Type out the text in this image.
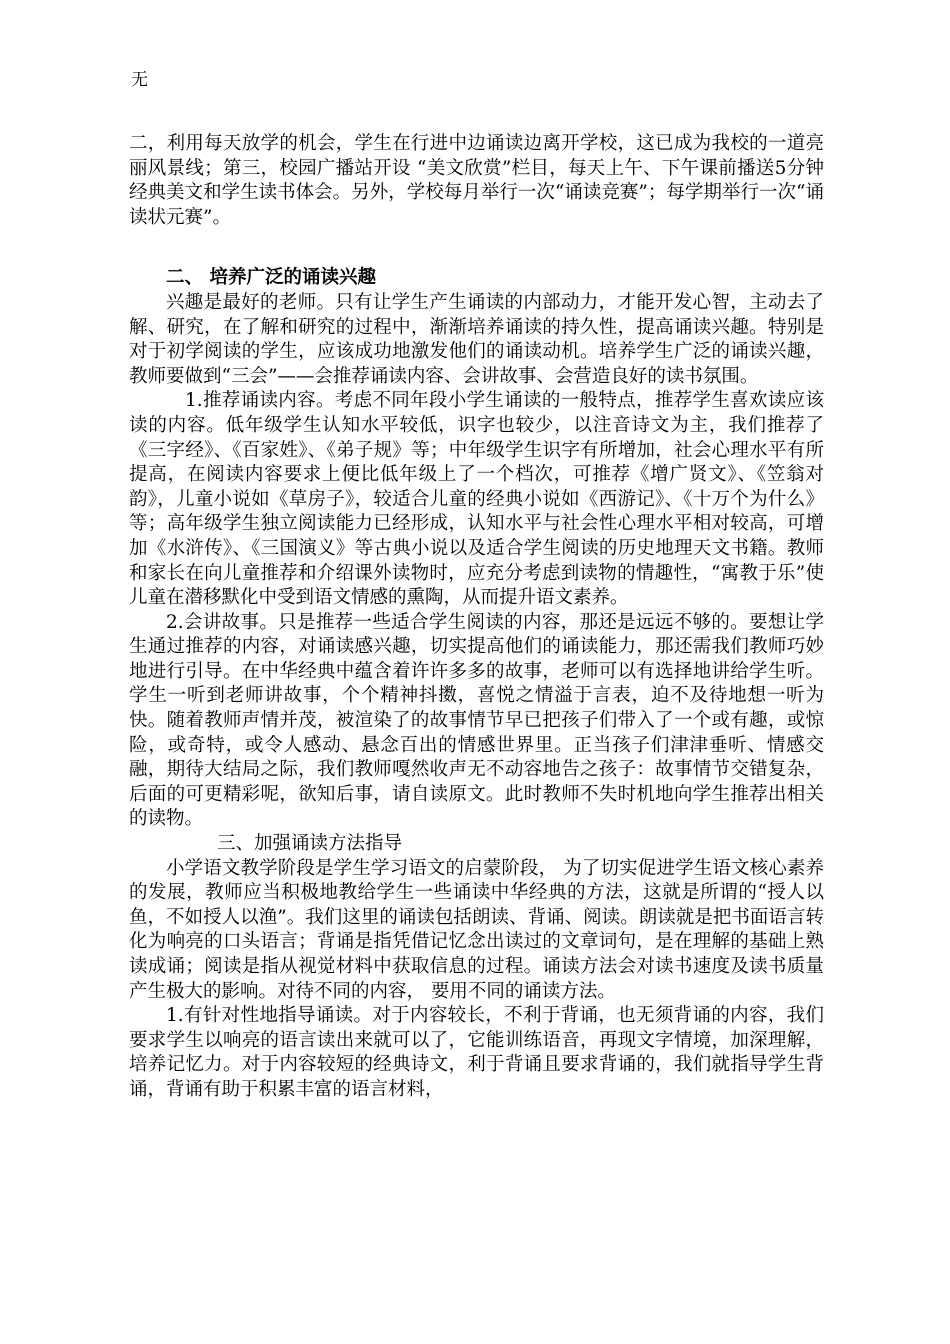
无

二，利用每天放学的机会，学生在行进中边诵读边离开学校，这已成为我校的一道亮丽风景线；第三，校园广播站开设 “美文欣赏”栏目，每天上午、下午课前播送5分钟经典美文和学生读书体会。另外，学校每月举行一次“诵读竞赛”；每学期举行一次“诵读状元赛”。

二、 培养广泛的诵读兴趣

兴趣是最好的老师。只有让学生产生诵读的内部动力，才能开发心智，主动去了解、研究，在了解和研究的过程中，渐渐培养诵读的持久性，提高诵读兴趣。特别是对于初学阅读的学生，应该成功地激发他们的诵读动机。培养学生广泛的诵读兴趣，教师要做到“三会”——会推荐诵读内容、会讲故事、会营造良好的读书氛围。

1.推荐诵读内容。考虑不同年段小学生诵读的一般特点，推荐学生喜欢读应该读的内容。低年级学生认知水平较低，识字也较少，以注音诗文为主，我们推荐了《三字经》、《百家姓》、《弟子规》等；中年级学生识字有所增加，社会心理水平有所提高，在阅读内容要求上便比低年级上了一个档次，可推荐《增广贤文》、《笠翁对韵》，儿童小说如《草房子》，较适合儿童的经典小说如《西游记》、《十万个为什么》等；高年级学生独立阅读能力已经形成，认知水平与社会性心理水平相对较高，可增加《水浒传》、《三国演义》等古典小说以及适合学生阅读的历史地理天文书籍。教师和家长在向儿童推荐和介绍课外读物时，应充分考虑到读物的情趣性，“寓教于乐”使儿童在潜移默化中受到语文情感的熏陶，从而提升语文素养。

2.会讲故事。只是推荐一些适合学生阅读的内容，那还是远远不够的。要想让学生通过推荐的内容，对诵读感兴趣，切实提高他们的诵读能力，那还需我们教师巧妙地进行引导。在中华经典中蕴含着许许多多的故事，老师可以有选择地讲给学生听。学生一听到老师讲故事，个个精神抖擞，喜悦之情溢于言表，迫不及待地想一听为快。随着教师声情并茂，被渲染了的故事情节早已把孩子们带入了一个或有趣，或惊险，或奇特，或令人感动、悬念百出的情感世界里。正当孩子们津津垂听、情感交融，期待大结局之际，我们教师嘎然收声无不动容地告之孩子：故事情节交错复杂，后面的可更精彩呢，欲知后事，请自读原文。此时教师不失时机地向学生推荐出相关的读物。

三、加强诵读方法指导

小学语文教学阶段是学生学习语文的启蒙阶段， 为了切实促进学生语文核心素养的发展，教师应当积极地教给学生一些诵读中华经典的方法，这就是所谓的“授人以鱼，不如授人以渔”。我们这里的诵读包括朗读、背诵、阅读。朗读就是把书面语言转化为响亮的口头语言；背诵是指凭借记忆念出读过的文章词句，是在理解的基础上熟读成诵；阅读是指从视觉材料中获取信息的过程。诵读方法会对读书速度及读书质量产生极大的影响。对待不同的内容， 要用不同的诵读方法。

1.有针对性地指导诵读。对于内容较长，不利于背诵，也无须背诵的内容，我们要求学生以响亮的语言读出来就可以了，它能训练语音，再现文字情境，加深理解，培养记忆力。对于内容较短的经典诗文，利于背诵且要求背诵的，我们就指导学生背诵，背诵有助于积累丰富的语言材料，
